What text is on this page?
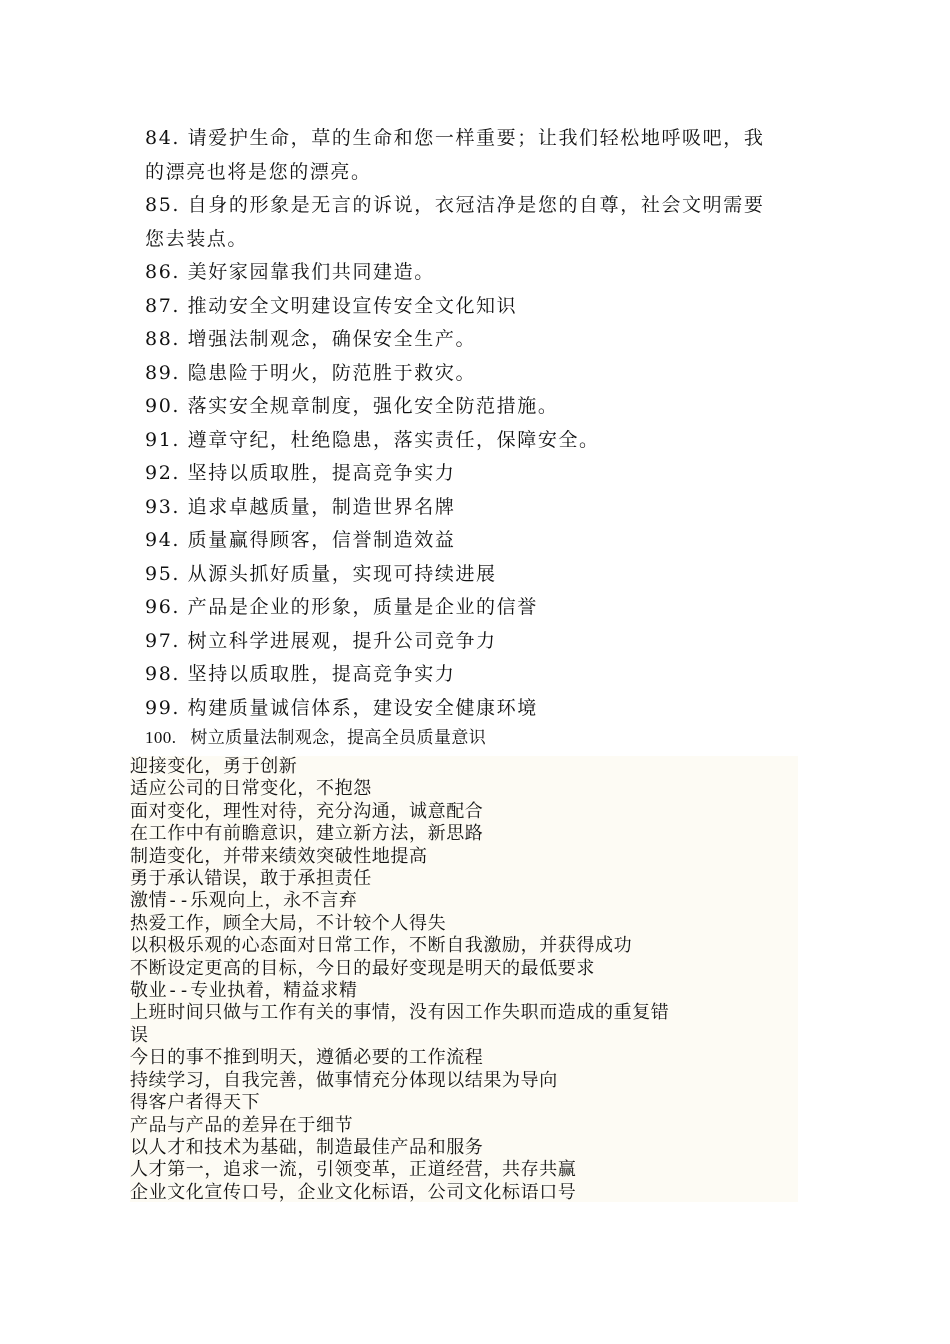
84. 请爱护生命，草的生命和您一样重要；让我们轻松地呼吸吧，我

的漂亮也将是您的漂亮。

85. 自身的形象是无言的诉说，衣冠洁净是您的自尊，社会文明需要

您去装点。

86. 美好家园靠我们共同建造。

87. 推动安全文明建设宣传安全文化知识

88. 增强法制观念，确保安全生产。

89. 隐患险于明火，防范胜于救灾。

90. 落实安全规章制度，强化安全防范措施。

91. 遵章守纪，杜绝隐患，落实责任，保障安全。

92. 坚持以质取胜，提高竞争实力

93. 追求卓越质量，制造世界名牌

94. 质量赢得顾客，信誉制造效益

95. 从源头抓好质量，实现可持续进展

96. 产品是企业的形象，质量是企业的信誉

97. 树立科学进展观，提升公司竞争力

98. 坚持以质取胜，提高竞争实力

99. 构建质量诚信体系，建设安全健康环境

100. 树立质量法制观念，提高全员质量意识

迎接变化，勇于创新

适应公司的日常变化，不抱怨

面对变化，理性对待，充分沟通，诚意配合

在工作中有前瞻意识，建立新方法，新思路

制造变化，并带来绩效突破性地提高

勇于承认错误，敢于承担责任

激情--乐观向上，永不言弃

热爱工作，顾全大局，不计较个人得失

以积极乐观的心态面对日常工作，不断自我激励，并获得成功

不断设定更高的目标，今日的最好变现是明天的最低要求

敬业--专业执着，精益求精

上班时间只做与工作有关的事情，没有因工作失职而造成的重复错

误

今日的事不推到明天，遵循必要的工作流程

持续学习，自我完善，做事情充分体现以结果为导向

得客户者得天下

产品与产品的差异在于细节

以人才和技术为基础，制造最佳产品和服务

人才第一，追求一流，引领变革，正道经营，共存共赢

企业文化宣传口号，企业文化标语，公司文化标语口号
